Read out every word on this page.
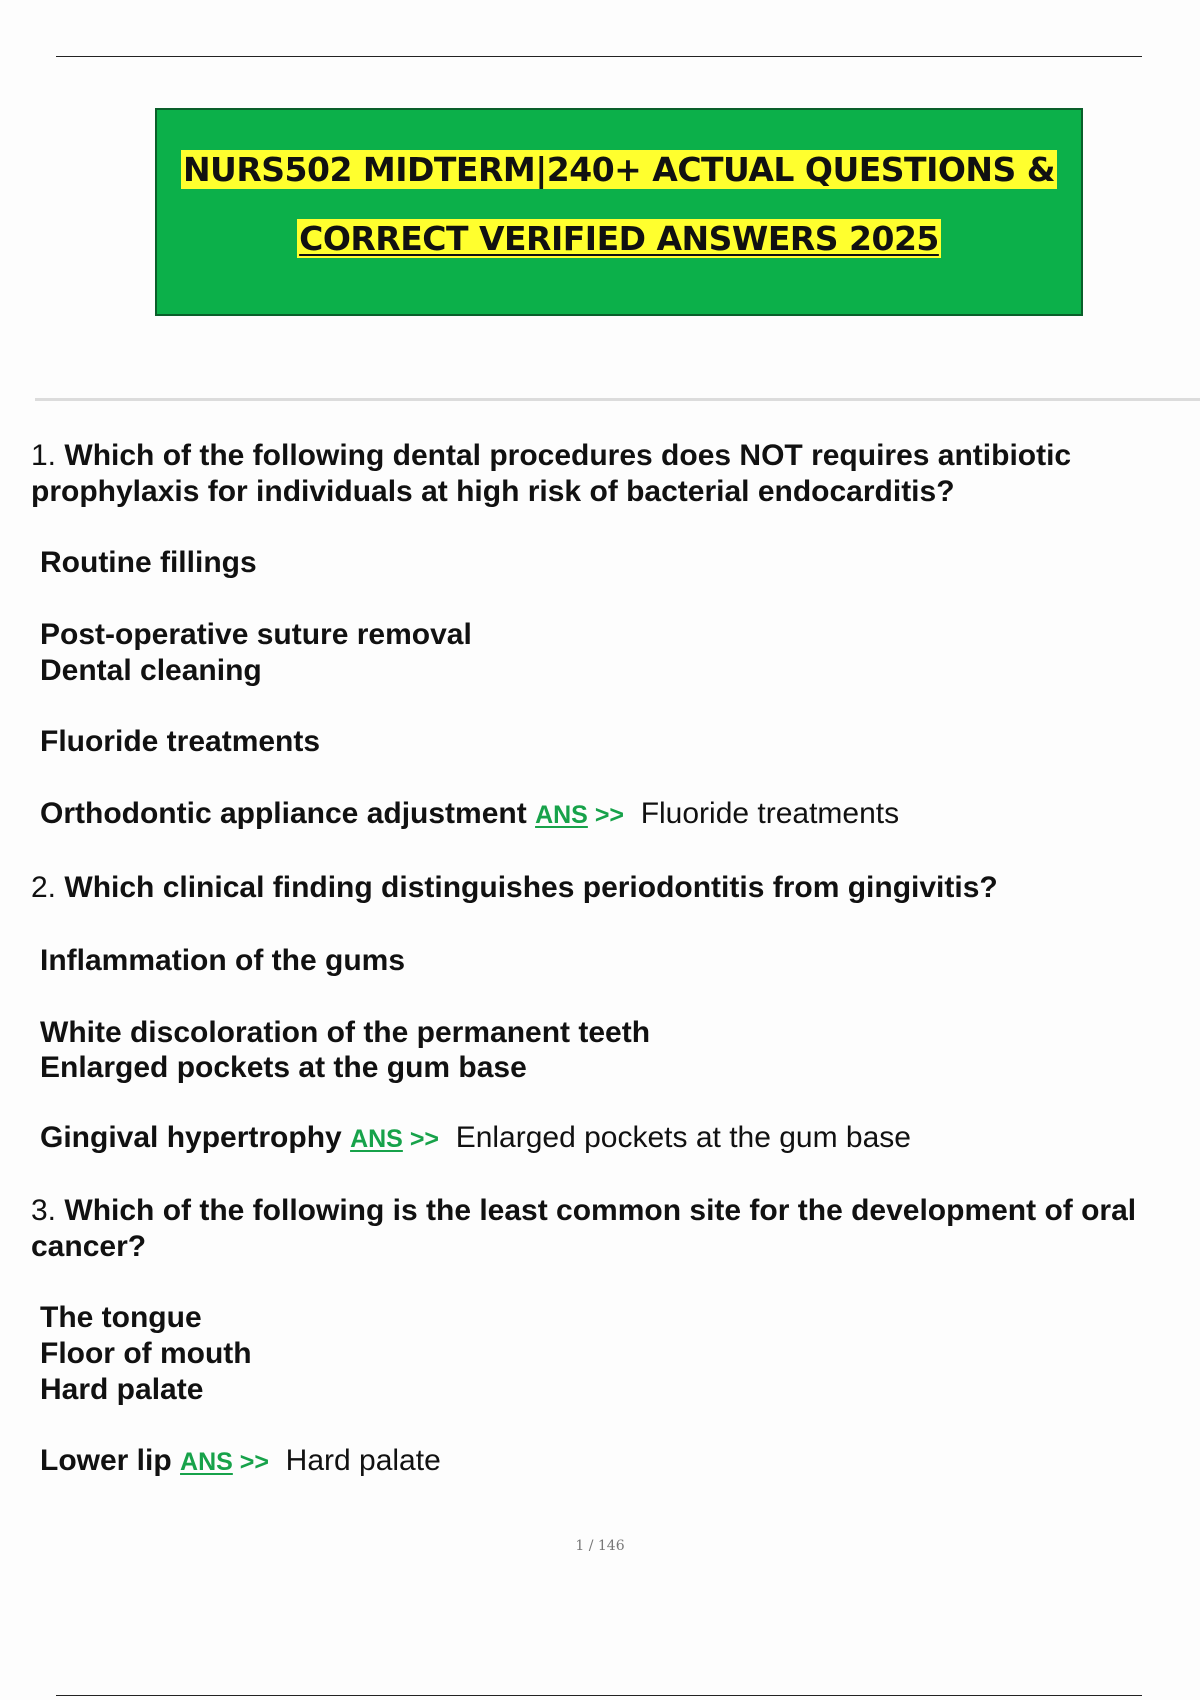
NURS502 MIDTERM|240+ ACTUAL QUESTIONS &
CORRECT VERIFIED ANSWERS 2025
1. Which of the following dental procedures does NOT requires antibiotic
prophylaxis for individuals at high risk of bacterial endocarditis?
Routine fillings
Post-operative suture removal
Dental cleaning
Fluoride treatments
Orthodontic appliance adjustment ANS >> Fluoride treatments
2. Which clinical finding distinguishes periodontitis from gingivitis?
Inflammation of the gums
White discoloration of the permanent teeth
Enlarged pockets at the gum base
Gingival hypertrophy ANS >> Enlarged pockets at the gum base
3. Which of the following is the least common site for the development of oral
cancer?
The tongue
Floor of mouth
Hard palate
Lower lip ANS >> Hard palate
1 / 146
